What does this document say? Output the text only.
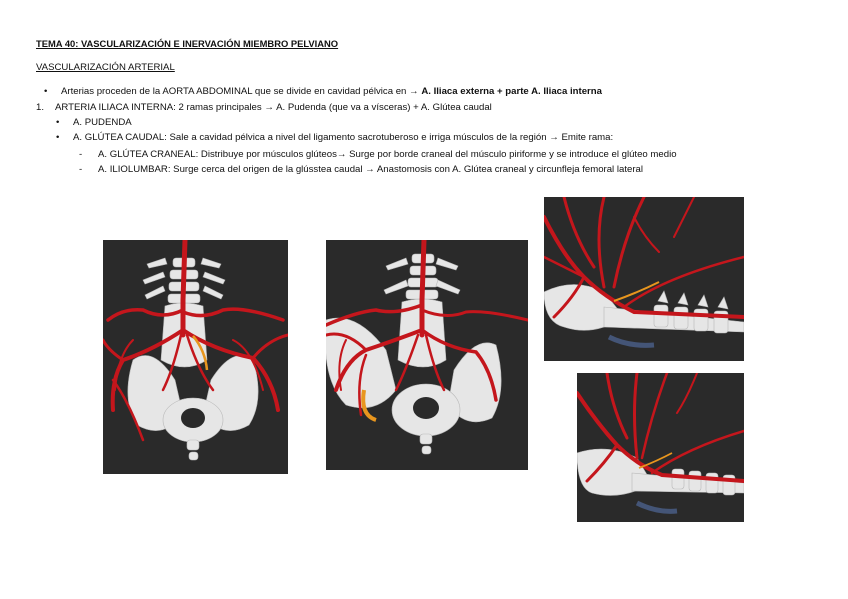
TEMA 40: VASCULARIZACIÓN E INERVACIÓN MIEMBRO PELVIANO
VASCULARIZACIÓN ARTERIAL
• Arterias proceden de la AORTA ABDOMINAL que se divide en cavidad pélvica en → A. Iliaca externa + parte A. Iliaca interna
1. ARTERIA ILIACA INTERNA: 2 ramas principales → A. Pudenda (que va a vísceras) + A. Glútea caudal
• A. PUDENDA
• A. GLÚTEA CAUDAL: Sale a cavidad pélvica a nivel del ligamento sacrotuberoso e irriga músculos de la región → Emite rama:
- A. GLÚTEA CRANEAL: Distribuye por músculos glúteos→ Surge por borde craneal del músculo piriforme y se introduce el glúteo medio
- A. ILIOLUMBAR: Surge cerca del origen de la glússtea caudal → Anastomosis con A. Glútea craneal y circunfleja femoral lateral
